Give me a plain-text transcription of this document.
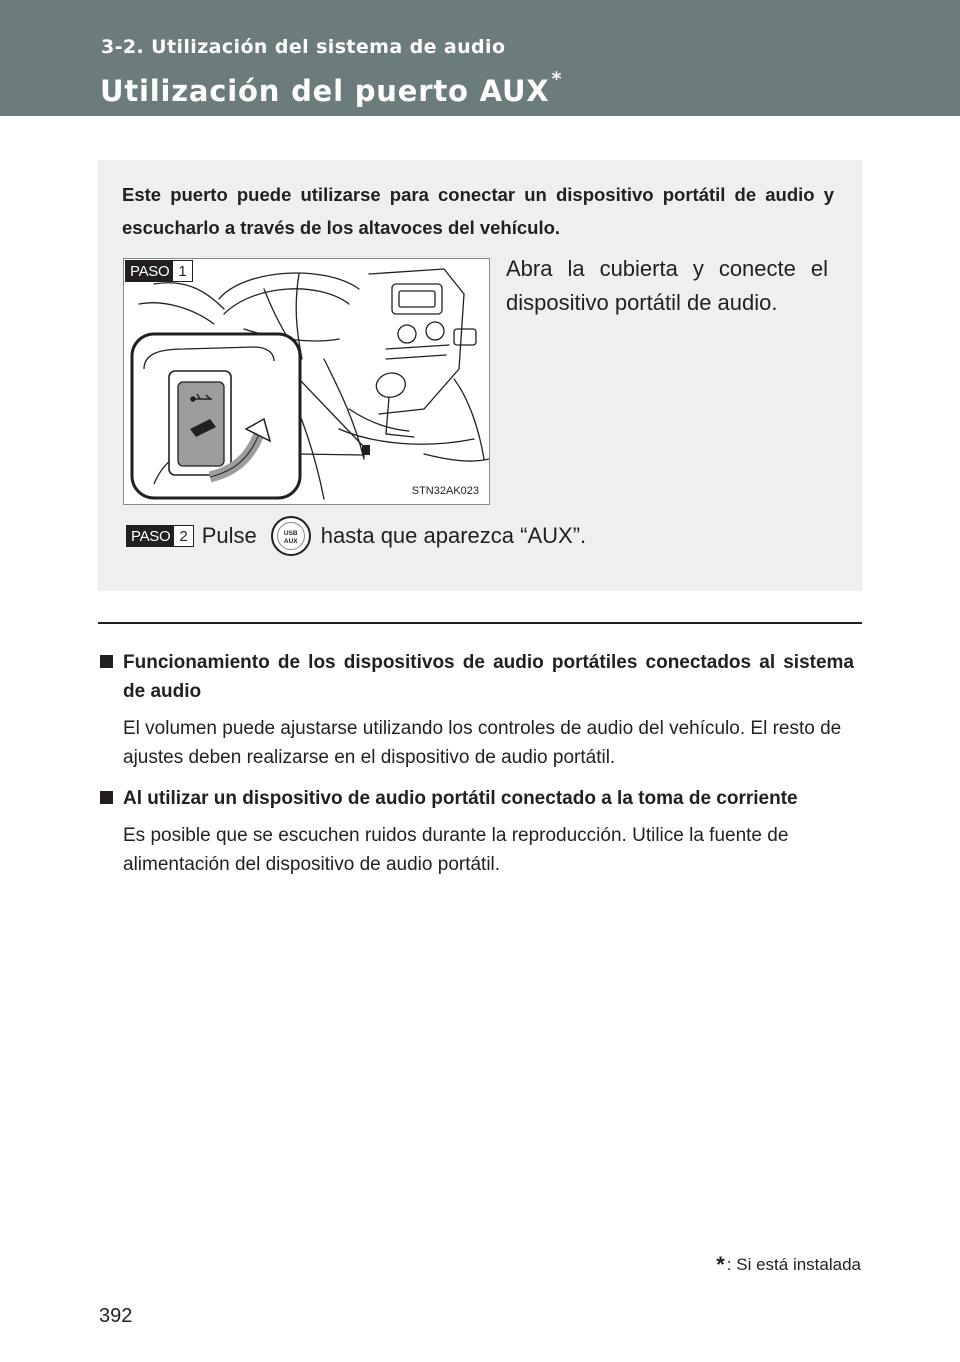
3-2. Utilización del sistema de audio
Utilización del puerto AUX *
Este puerto puede utilizarse para conectar un dispositivo portátil de audio y escucharlo a través de los altavoces del vehículo.
PASO 1
STN32AK023
Abra la cubierta y conecte el dispositivo portátil de audio.
PASO 2 Pulse	USB
AUX	hasta que aparezca “AUX”.
Funcionamiento de los dispositivos de audio portátiles conectados al sistema de audio
El volumen puede ajustarse utilizando los controles de audio del vehículo. El resto de ajustes deben realizarse en el dispositivo de audio portátil.
Al utilizar un dispositivo de audio portátil conectado a la toma de corriente
Es posible que se escuchen ruidos durante la reproducción. Utilice la fuente de alimentación del dispositivo de audio portátil.
* : Si está instalada
392
